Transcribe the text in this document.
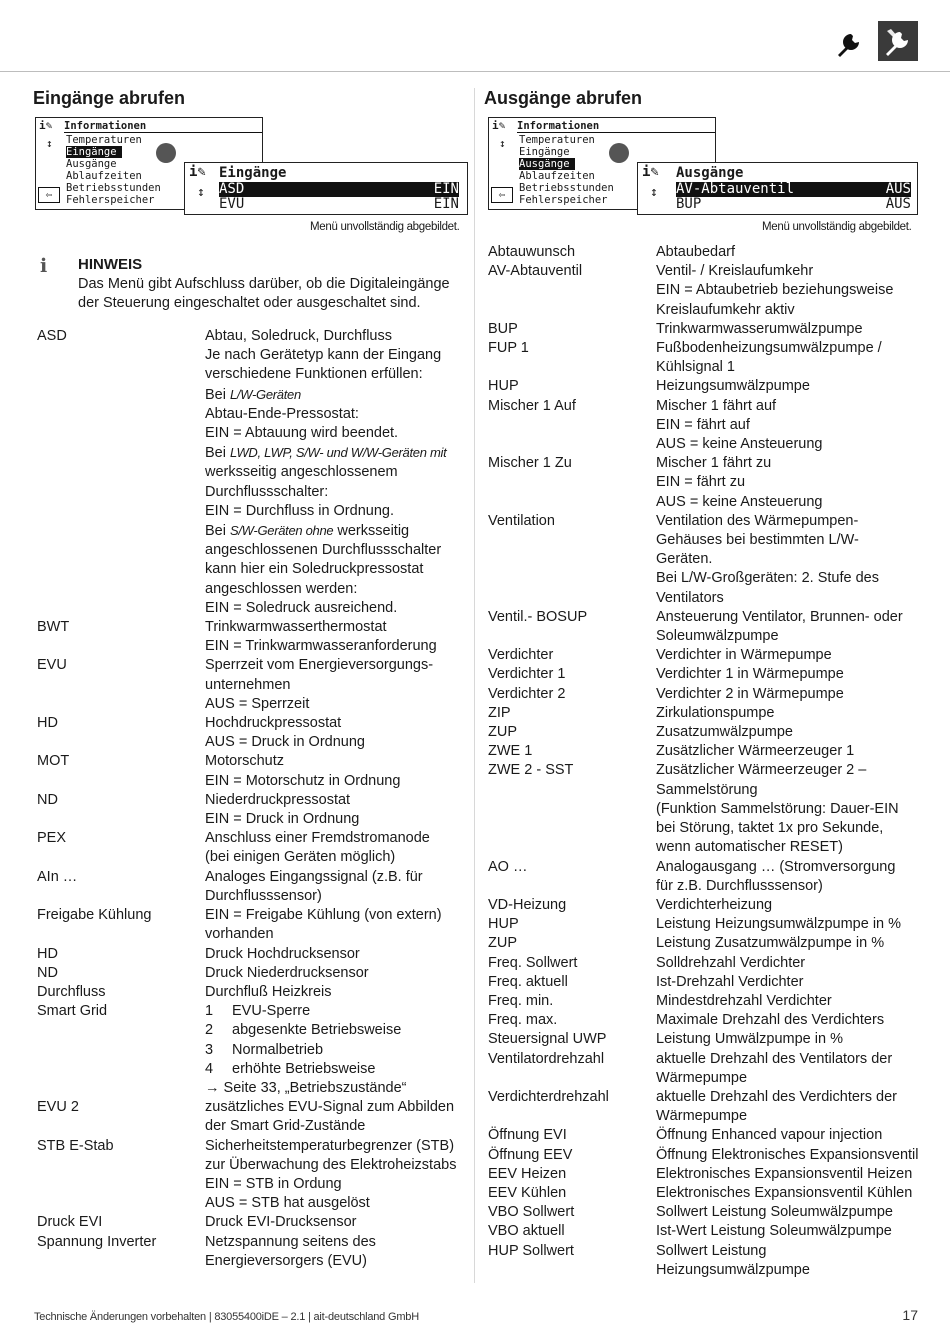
Eingänge abrufen
i✎ Informationen
Temperaturen
Eingänge
Ausgänge
Ablaufzeiten
Betriebsstunden
Fehlerspeicher
↕
⇦
i✎ Eingänge
ASD	EIN
EVU	EIN
↕
Menü unvollständig abgebildet.
ℹ HINWEIS
Das Menü gibt Aufschluss darüber, ob die Digitaleingänge
der Steuerung eingeschaltet oder ausgeschaltet sind.
ASD	Abtau, Soledruck, Durchfluss
Je nach Gerätetyp kann der Eingang
verschiedene Funktionen erfüllen:
Bei L/W-Geräten
Abtau-Ende-Pressostat:
EIN = Abtauung wird beendet.
Bei LWD, LWP, S/W- und W/W-Geräten mit
werksseitig angeschlossenem
Durchflussschalter:
EIN = Durchfluss in Ordnung.
Bei S/W-Geräten ohne werksseitig
angeschlossenen Durchflussschalter
kann hier ein Soledruckpressostat
angeschlossen werden:
EIN = Soledruck ausreichend.
BWT	Trinkwarmwasserthermostat
EIN = Trinkwarmwasseranforderung
EVU	Sperrzeit vom Energieversorgungs-
unternehmen
AUS = Sperrzeit
HD	Hochdruckpressostat
AUS = Druck in Ordnung
MOT	Motorschutz
EIN = Motorschutz in Ordnung
ND	Niederdruckpressostat
EIN = Druck in Ordnung
PEX	Anschluss einer Fremdstromanode
(bei einigen Geräten möglich)
AIn …	Analoges Eingangssignal (z.B. für
Durchflusssensor)
Freigabe Kühlung	EIN = Freigabe Kühlung (von extern)
vorhanden
HD	Druck Hochdrucksensor
ND	Druck Niederdrucksensor
Durchfluss	Durchfluß Heizkreis
Smart Grid	1 EVU-Sperre
2 abgesenkte Betriebsweise
3 Normalbetrieb
4 erhöhte Betriebsweise
→ Seite 33, „Betriebszustände“
EVU 2	zusätzliches EVU-Signal zum Abbilden
der Smart Grid-Zustände
STB E-Stab	Sicherheitstemperaturbegrenzer (STB)
zur Überwachung des Elektroheizstabs
EIN = STB in Ordung
AUS = STB hat ausgelöst
Druck EVI	Druck EVI-Drucksensor
Spannung Inverter	Netzspannung seitens des
Energieversorgers (EVU)
Ausgänge abrufen
i✎ Informationen
Temperaturen
Eingänge
Ausgänge
Ablaufzeiten
Betriebsstunden
Fehlerspeicher
↕
⇦
i✎ Ausgänge
AV-Abtauventil	AUS
BUP	AUS
↕
Menü unvollständig abgebildet.
Abtauwunsch	Abtaubedarf
AV-Abtauventil	Ventil- / Kreislaufumkehr
EIN = Abtaubetrieb beziehungsweise
Kreislaufumkehr aktiv
BUP	Trinkwarmwasserumwälzpumpe
FUP 1	Fußbodenheizungsumwälzpumpe /
Kühlsignal 1
HUP	Heizungsumwälzpumpe
Mischer 1 Auf	Mischer 1 fährt auf
EIN = fährt auf
AUS = keine Ansteuerung
Mischer 1 Zu	Mischer 1 fährt zu
EIN = fährt zu
AUS = keine Ansteuerung
Ventilation	Ventilation des Wärmepumpen-
Gehäuses bei bestimmten L/W-
Geräten.
Bei L/W-Großgeräten: 2. Stufe des
Ventilators
Ventil.- BOSUP	Ansteuerung Ventilator, Brunnen- oder
Soleumwälzpumpe
Verdichter	Verdichter in Wärmepumpe
Verdichter 1	Verdichter 1 in Wärmepumpe
Verdichter 2	Verdichter 2 in Wärmepumpe
ZIP	Zirkulationspumpe
ZUP	Zusatzumwälzpumpe
ZWE 1	Zusätzlicher Wärmeerzeuger 1
ZWE 2 - SST	Zusätzlicher Wärmeerzeuger 2 –
Sammelstörung
(Funktion Sammelstörung: Dauer-EIN
bei Störung, taktet 1x pro Sekunde,
wenn automatischer RESET)
AO …	Analogausgang … (Stromversorgung
für z.B. Durchflusssensor)
VD-Heizung	Verdichterheizung
HUP	Leistung Heizungsumwälzpumpe in %
ZUP	Leistung Zusatzumwälzpumpe in %
Freq. Sollwert	Solldrehzahl Verdichter
Freq. aktuell	Ist-Drehzahl Verdichter
Freq. min.	Mindestdrehzahl Verdichter
Freq. max.	Maximale Drehzahl des Verdichters
Steuersignal UWP	Leistung Umwälzpumpe in %
Ventilatordrehzahl	aktuelle Drehzahl des Ventilators der
Wärmepumpe
Verdichterdrehzahl	aktuelle Drehzahl des Verdichters der
Wärmepumpe
Öffnung EVI	Öffnung Enhanced vapour injection
Öffnung EEV	Öffnung Elektronisches Expansionsventil
EEV Heizen	Elektronisches Expansionsventil Heizen
EEV Kühlen	Elektronisches Expansionsventil Kühlen
VBO Sollwert	Sollwert Leistung Soleumwälzpumpe
VBO aktuell	Ist-Wert Leistung Soleumwälzpumpe
HUP Sollwert	Sollwert Leistung
Heizungsumwälzpumpe
Technische Änderungen vorbehalten | 83055400iDE – 2.1 | ait-deutschland GmbH	17
